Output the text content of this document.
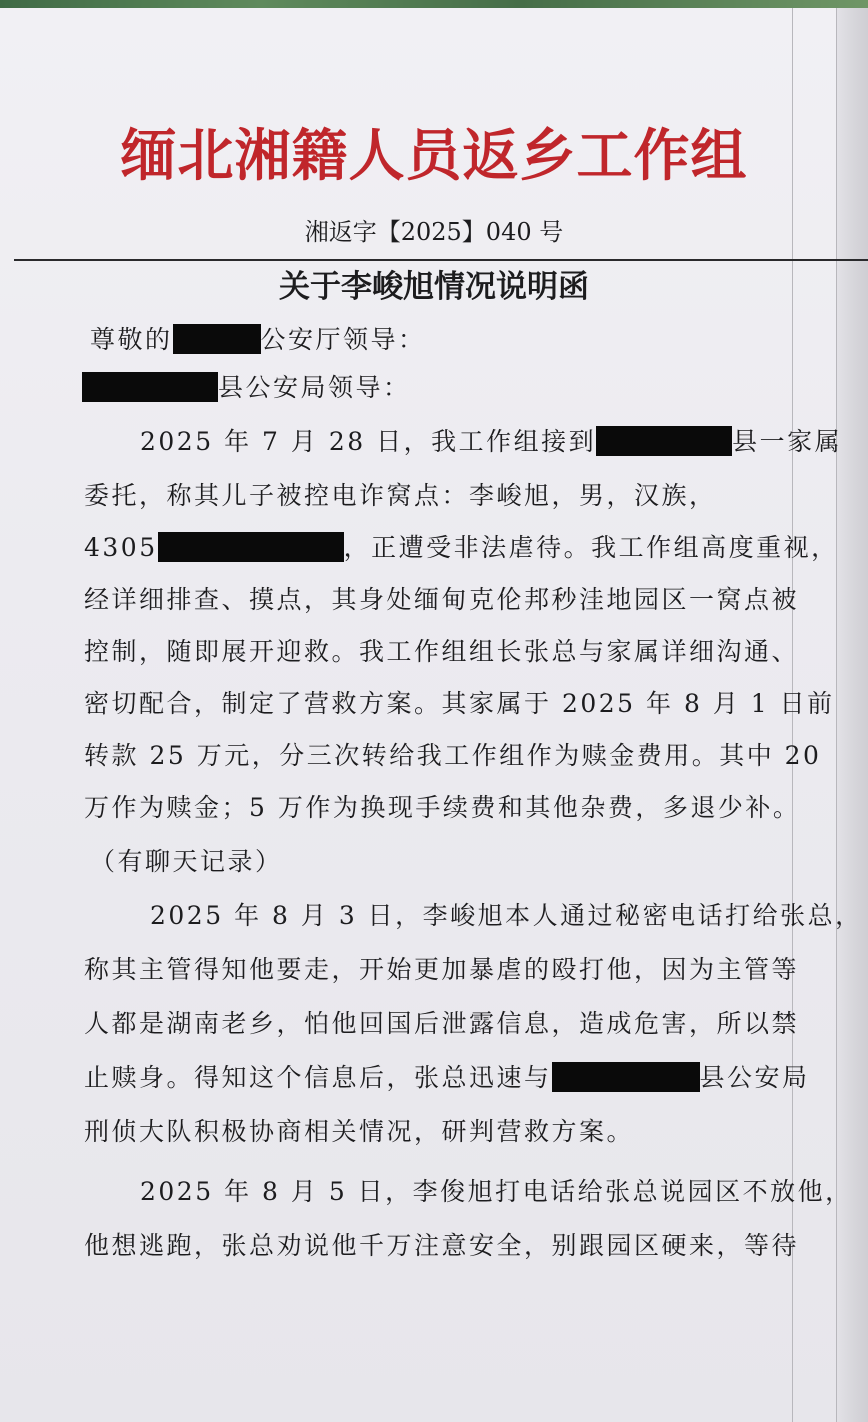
缅北湘籍人员返乡工作组
湘返字【2025】040 号
关于李峻旭情况说明函
尊敬的	公安厅领导：
县公安局领导：
2025 年 7 月 28 日，我工作组接到	县一家属
委托，称其儿子被控电诈窝点：李峻旭，男，汉族，
4305	，正遭受非法虐待。我工作组高度重视，
经详细排查、摸点，其身处缅甸克伦邦秒洼地园区一窝点被
控制，随即展开迎救。我工作组组长张总与家属详细沟通、
密切配合，制定了营救方案。其家属于 2025 年 8 月 1 日前
转款 25 万元，分三次转给我工作组作为赎金费用。其中 20
万作为赎金；5 万作为换现手续费和其他杂费，多退少补。
（有聊天记录）
2025 年 8 月 3 日，李峻旭本人通过秘密电话打给张总，
称其主管得知他要走，开始更加暴虐的殴打他，因为主管等
人都是湖南老乡，怕他回国后泄露信息，造成危害，所以禁
止赎身。得知这个信息后，张总迅速与	县公安局
刑侦大队积极协商相关情况，研判营救方案。
2025 年 8 月 5 日，李俊旭打电话给张总说园区不放他，
他想逃跑，张总劝说他千万注意安全，别跟园区硬来，等待
